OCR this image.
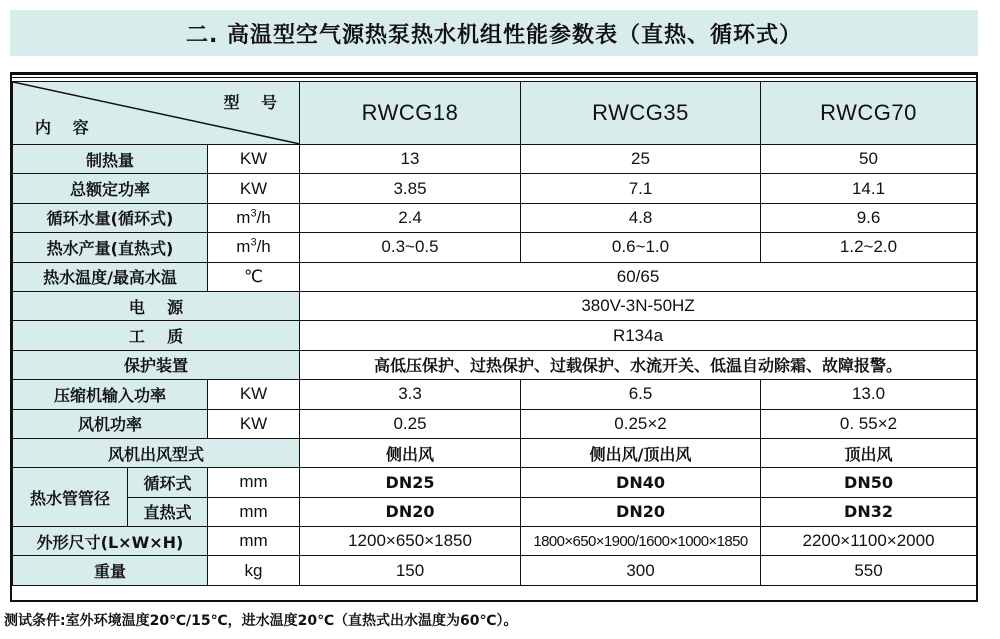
二. 高温型空气源热泵热水机组性能参数表（直热、循环式）
型 号
内 容			RWCG18	RWCG35	RWCG70
制热量		KW	13	25	50
总额定功率		KW	3.85	7.1	14.1
循环水量(循环式)		$m^3/h$	2.4	4.8	9.6
热水产量(直热式)		$m^3/h$	0.3~0.5	0.6~1.0	1.2~2.0
热水温度/最高水温		℃	60/65		
电    源			380V-3N-50HZ		
工    质			R134a		
保护装置			高低压保护、过热保护、过载保护、水流开关、低温自动除霜、故障报警。		
压缩机输入功率		KW	3.3	6.5	13.0
风机功率		KW	0.25	0.25×2	0. 55×2
风机出风型式			侧出风	侧出风/顶出风	顶出风
热水管管径	循环式	mm	DN25	DN40	DN50
	直热式	mm	DN20	DN20	DN32
外形尺寸(L×W×H)		mm	1200×650×1850	1800×650×1900/1600×1000×1850	2200×1100×2000
重量		kg	150	300	550
测试条件:室外环境温度20℃/15℃，进水温度20℃（直热式出水温度为60℃）。
